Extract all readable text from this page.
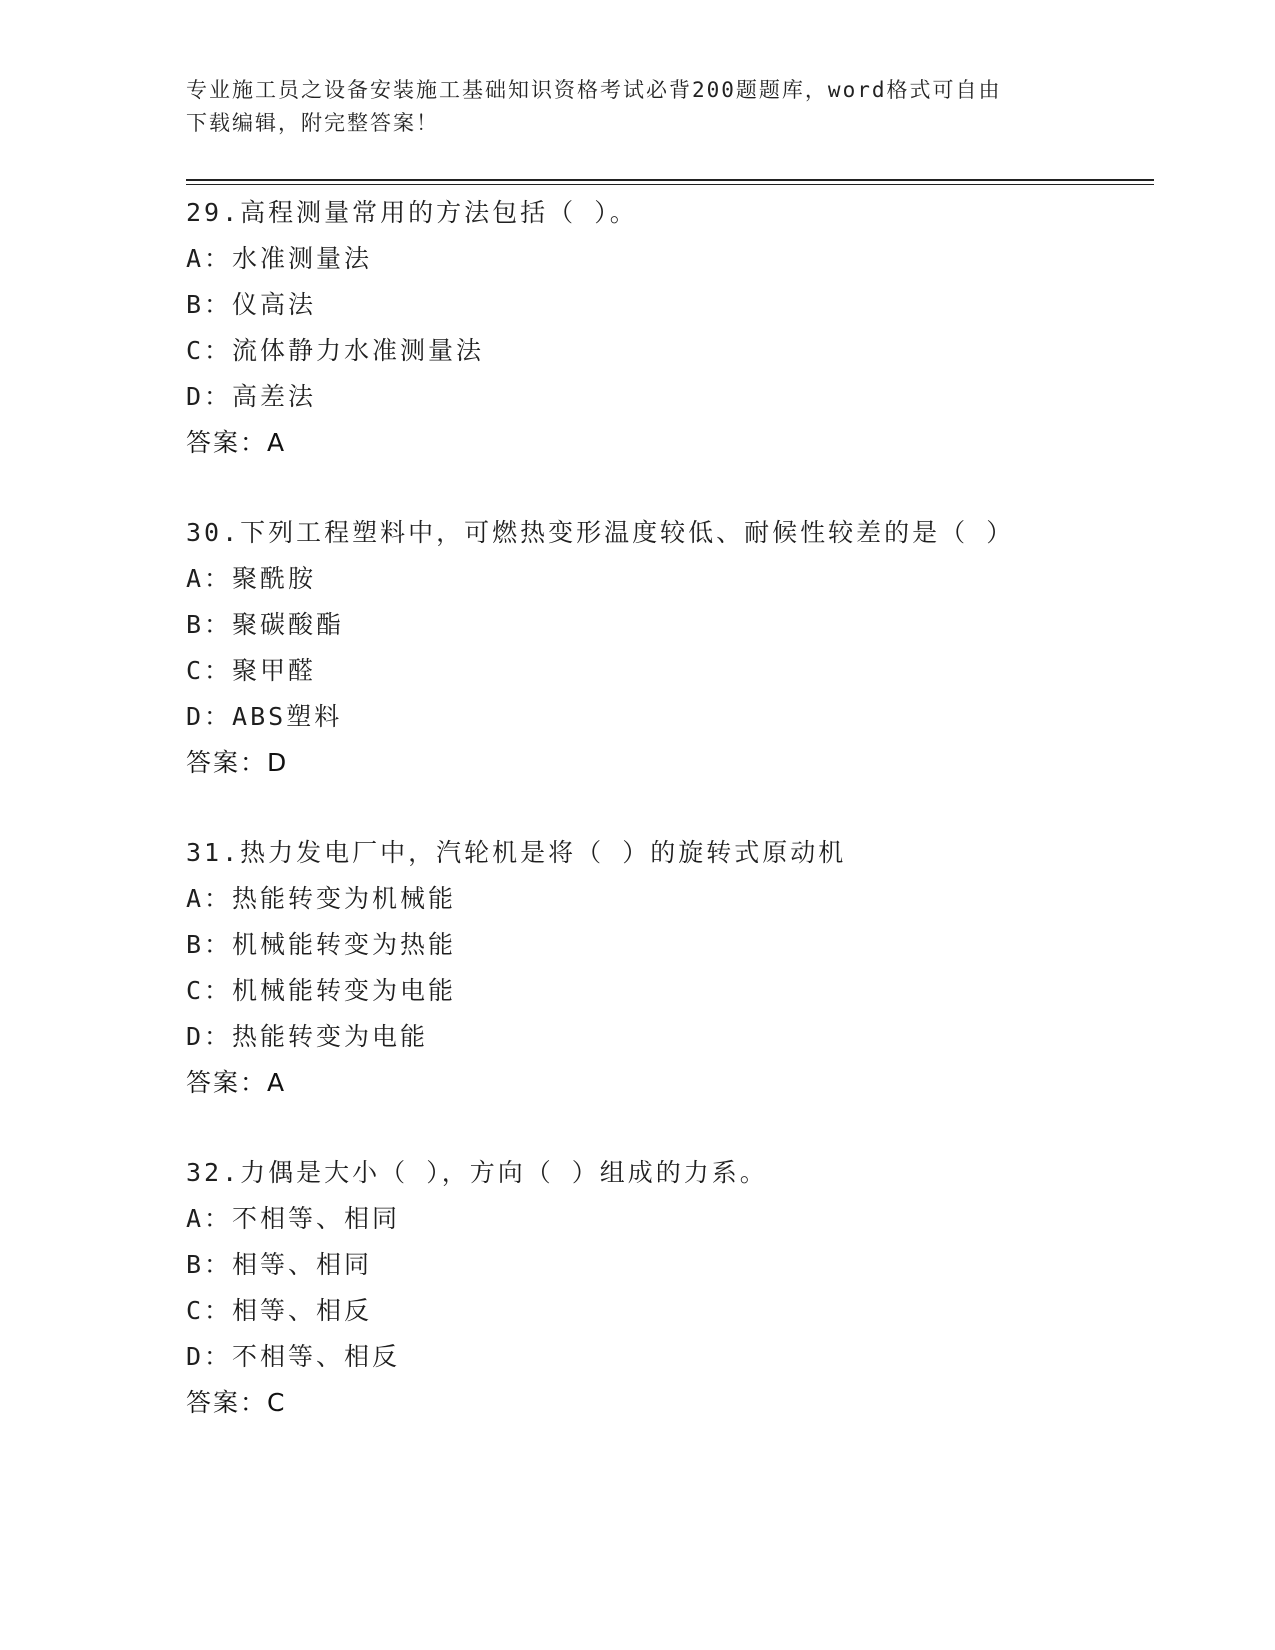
专业施工员之设备安装施工基础知识资格考试必背200题题库，word格式可自由
下载编辑，附完整答案！
29.高程测量常用的方法包括（ ）。
A：水准测量法
B：仪高法
C：流体静力水准测量法
D：高差法
答案：A
30.下列工程塑料中，可燃热变形温度较低、耐候性较差的是（ ）
A：聚酰胺
B：聚碳酸酯
C：聚甲醛
D：ABS塑料
答案：D
31.热力发电厂中，汽轮机是将（ ）的旋转式原动机
A：热能转变为机械能
B：机械能转变为热能
C：机械能转变为电能
D：热能转变为电能
答案：A
32.力偶是大小（ ），方向（ ）组成的力系。
A：不相等、相同
B：相等、相同
C：相等、相反
D：不相等、相反
答案：C
